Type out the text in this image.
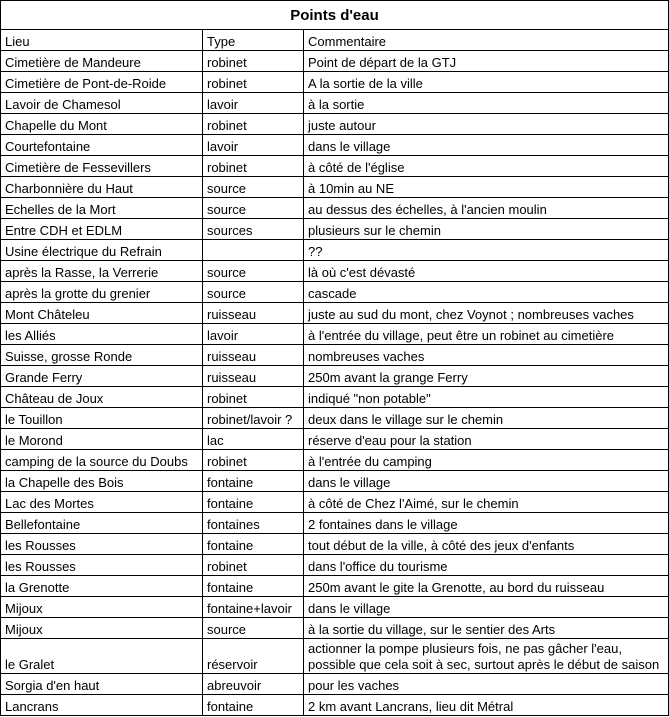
Points d'eau		
Lieu	Type	Commentaire
Cimetière de Mandeure	robinet	Point de départ de la GTJ
Cimetière de Pont-de-Roide	robinet	A la sortie de la ville
Lavoir de Chamesol	lavoir	à la sortie
Chapelle du Mont	robinet	juste autour
Courtefontaine	lavoir	dans le village
Cimetière de Fessevillers	robinet	à côté de l'église
Charbonnière du Haut	source	à 10min au NE
Echelles de la Mort	source	au dessus des échelles, à l'ancien moulin
Entre CDH et EDLM	sources	plusieurs sur le chemin
Usine électrique du Refrain		??
après la Rasse, la Verrerie	source	là où c'est dévasté
après la grotte du grenier	source	cascade
Mont Châteleu	ruisseau	juste au sud du mont, chez Voynot ; nombreuses vaches
les Alliés	lavoir	à l'entrée du village, peut être un robinet au cimetière
Suisse, grosse Ronde	ruisseau	nombreuses vaches
Grande Ferry	ruisseau	250m avant la grange Ferry
Château de Joux	robinet	indiqué "non potable"
le Touillon	robinet/lavoir ?	deux dans le village sur le chemin
le Morond	lac	réserve d'eau pour la station
camping de la source du Doubs	robinet	à l'entrée du camping
la Chapelle des Bois	fontaine	dans le village
Lac des Mortes	fontaine	à côté de Chez l'Aimé, sur le chemin
Bellefontaine	fontaines	2 fontaines dans le village
les Rousses	fontaine	tout début de la ville, à côté des jeux d'enfants
les Rousses	robinet	dans l'office du tourisme
la Grenotte	fontaine	250m avant le gite la Grenotte, au bord du ruisseau
Mijoux	fontaine+lavoir	dans le village
Mijoux	source	à la sortie du village, sur le sentier des Arts
le Gralet	réservoir	actionner la pompe plusieurs fois, ne pas gâcher l'eau, possible que cela soit à sec, surtout après le début de saison
Sorgia d'en haut	abreuvoir	pour les vaches
Lancrans	fontaine	2 km avant Lancrans, lieu dit Métral
